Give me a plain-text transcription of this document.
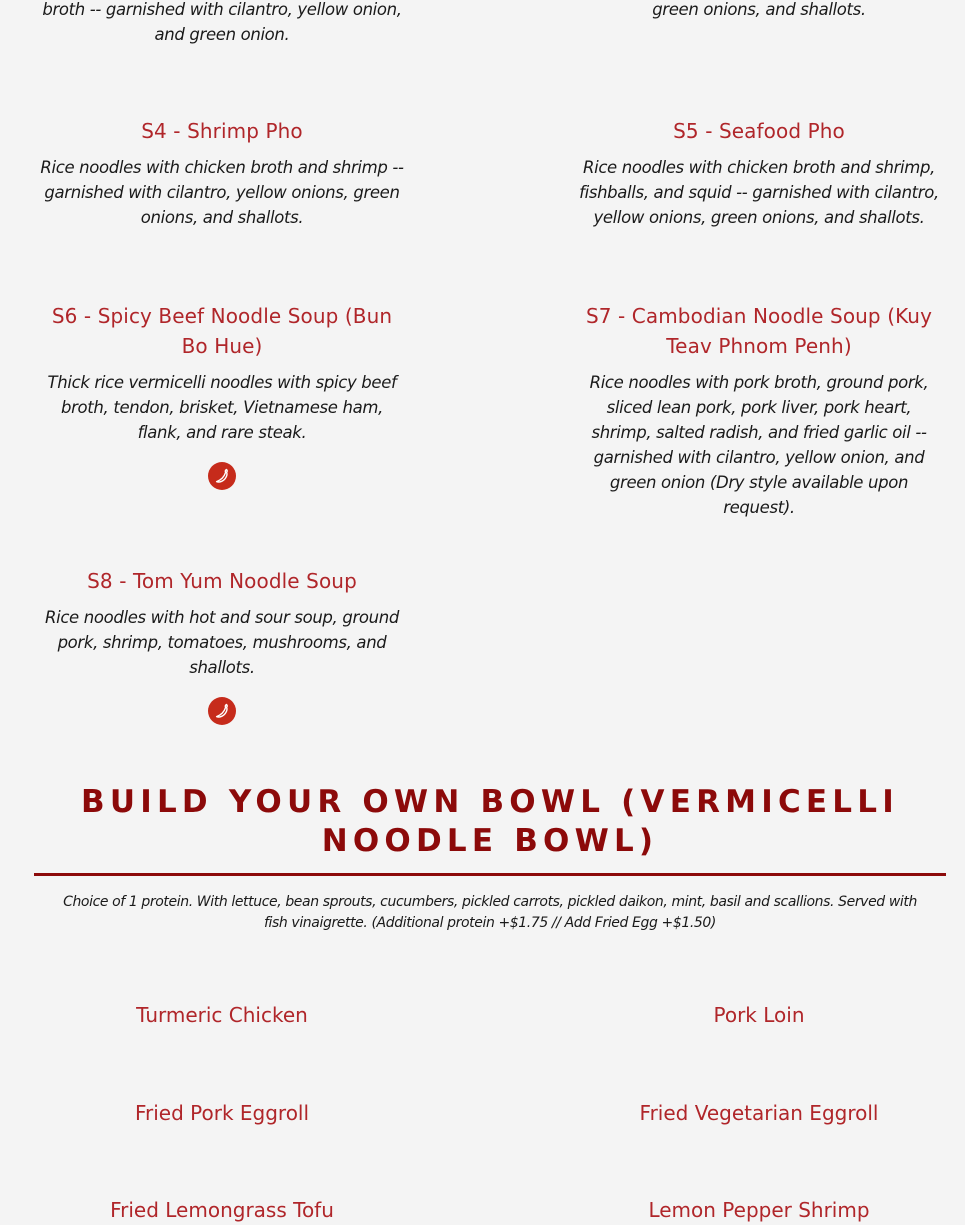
broth -- garnished with cilantro, yellow onion, and green onion.

green onions, and shallots.

S4 - Shrimp Pho

Rice noodles with chicken broth and shrimp -- garnished with cilantro, yellow onions, green onions, and shallots.

S5 - Seafood Pho

Rice noodles with chicken broth and shrimp, fishballs, and squid -- garnished with cilantro, yellow onions, green onions, and shallots.

S6 - Spicy Beef Noodle Soup (Bun Bo Hue)

Thick rice vermicelli noodles with spicy beef broth, tendon, brisket, Vietnamese ham, flank, and rare steak.

S7 - Cambodian Noodle Soup (Kuy Teav Phnom Penh)

Rice noodles with pork broth, ground pork, sliced lean pork, pork liver, pork heart, shrimp, salted radish, and fried garlic oil -- garnished with cilantro, yellow onion, and green onion (Dry style available upon request).

S8 - Tom Yum Noodle Soup

Rice noodles with hot and sour soup, ground pork, shrimp, tomatoes, mushrooms, and shallots.

BUILD YOUR OWN BOWL (VERMICELLI NOODLE BOWL)

Choice of 1 protein. With lettuce, bean sprouts, cucumbers, pickled carrots, pickled daikon, mint, basil and scallions. Served with fish vinaigrette. (Additional protein +$1.75 // Add Fried Egg +$1.50)

Turmeric Chicken	Pork Loin
Fried Pork Eggroll	Fried Vegetarian Eggroll
Fried Lemongrass Tofu	Lemon Pepper Shrimp
